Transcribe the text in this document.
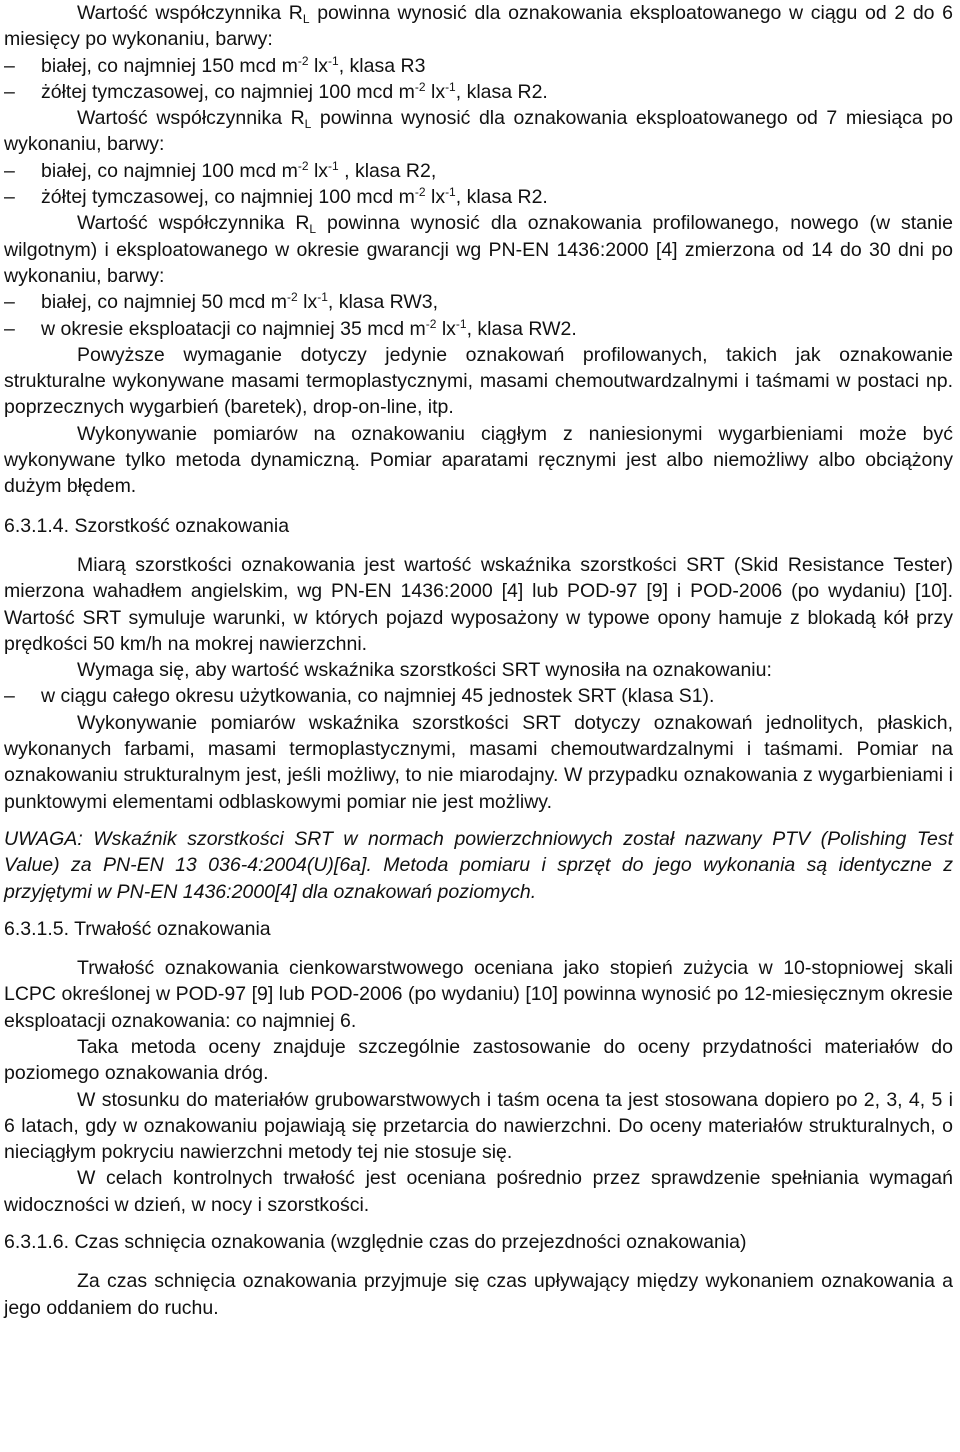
Wartość współczynnika $R_L$ powinna wynosić dla oznakowania eksploatowanego w ciągu od 2 do 6 miesięcy po wykonaniu, barwy:

–	białej, co najmniej 150 mcd $m^{-2}$ $lx^{-1}$, klasa R3
–	żółtej tymczasowej, co najmniej 100 mcd $m^{-2}$ $lx^{-1}$, klasa R2.

Wartość współczynnika $R_L$ powinna wynosić dla oznakowania eksploatowanego od 7 miesiąca po wykonaniu, barwy:

–	białej, co najmniej 100 mcd $m^{-2}$ $lx^{-1}$ , klasa R2,
–	żółtej tymczasowej, co najmniej 100 mcd $m^{-2}$ $lx^{-1}$, klasa R2.

Wartość współczynnika $R_L$ powinna wynosić dla oznakowania profilowanego, nowego (w stanie wilgotnym) i eksploatowanego w okresie gwarancji wg PN-EN 1436:2000 [4] zmierzona od 14 do 30 dni po wykonaniu, barwy:

–	białej, co najmniej 50 mcd $m^{-2}$ $lx^{-1}$, klasa RW3,
–	w okresie eksploatacji co najmniej 35 mcd $m^{-2}$ $lx^{-1}$, klasa RW2.

Powyższe wymaganie dotyczy jedynie oznakowań profilowanych, takich jak oznakowanie strukturalne wykonywane masami termoplastycznymi, masami chemoutwardzalnymi i taśmami w postaci np. poprzecznych wygarbień (baretek), drop-on-line, itp.

Wykonywanie pomiarów na oznakowaniu ciągłym z naniesionymi wygarbieniami może być wykonywane tylko metoda dynamiczną. Pomiar aparatami ręcznymi jest albo niemożliwy albo obciążony dużym błędem.

6.3.1.4. Szorstkość oznakowania

Miarą szorstkości oznakowania jest wartość wskaźnika szorstkości SRT (Skid Resistance Tester) mierzona wahadłem angielskim, wg PN-EN 1436:2000 [4] lub POD-97 [9] i POD-2006 (po wydaniu) [10]. Wartość SRT symuluje warunki, w których pojazd wyposażony w typowe opony hamuje z blokadą kół przy prędkości 50 km/h na mokrej nawierzchni.

Wymaga się, aby wartość wskaźnika szorstkości SRT wynosiła na oznakowaniu:

–	w ciągu całego okresu użytkowania, co najmniej 45 jednostek SRT (klasa S1).

Wykonywanie pomiarów wskaźnika szorstkości SRT dotyczy oznakowań jednolitych, płaskich, wykonanych farbami, masami termoplastycznymi, masami chemoutwardzalnymi i taśmami. Pomiar na oznakowaniu strukturalnym jest, jeśli możliwy, to nie miarodajny. W przypadku oznakowania z wygarbieniami i punktowymi elementami odblaskowymi pomiar nie jest możliwy.

UWAGA: Wskaźnik szorstkości SRT w normach powierzchniowych został nazwany PTV (Polishing Test Value) za PN-EN 13 036-4:2004(U)[6a]. Metoda pomiaru i sprzęt do jego wykonania są identyczne z przyjętymi w PN-EN 1436:2000[4] dla oznakowań poziomych.

6.3.1.5. Trwałość oznakowania

Trwałość oznakowania cienkowarstwowego oceniana jako stopień zużycia w 10-stopniowej skali LCPC określonej w POD-97 [9] lub POD-2006 (po wydaniu) [10] powinna wynosić po 12-miesięcznym okresie eksploatacji oznakowania: co najmniej 6.

Taka metoda oceny znajduje szczególnie zastosowanie do oceny przydatności materiałów do poziomego oznakowania dróg.

W stosunku do materiałów grubowarstwowych i taśm ocena ta jest stosowana dopiero po 2, 3, 4, 5 i 6 latach, gdy w oznakowaniu pojawiają się przetarcia do nawierzchni. Do oceny materiałów strukturalnych, o nieciągłym pokryciu nawierzchni metody tej nie stosuje się.

W celach kontrolnych trwałość jest oceniana pośrednio przez sprawdzenie spełniania wymagań widoczności w dzień, w nocy i szorstkości.

6.3.1.6. Czas schnięcia oznakowania (względnie czas do przejezdności oznakowania)

Za czas schnięcia oznakowania przyjmuje się czas upływający między wykonaniem oznakowania a jego oddaniem do ruchu.
